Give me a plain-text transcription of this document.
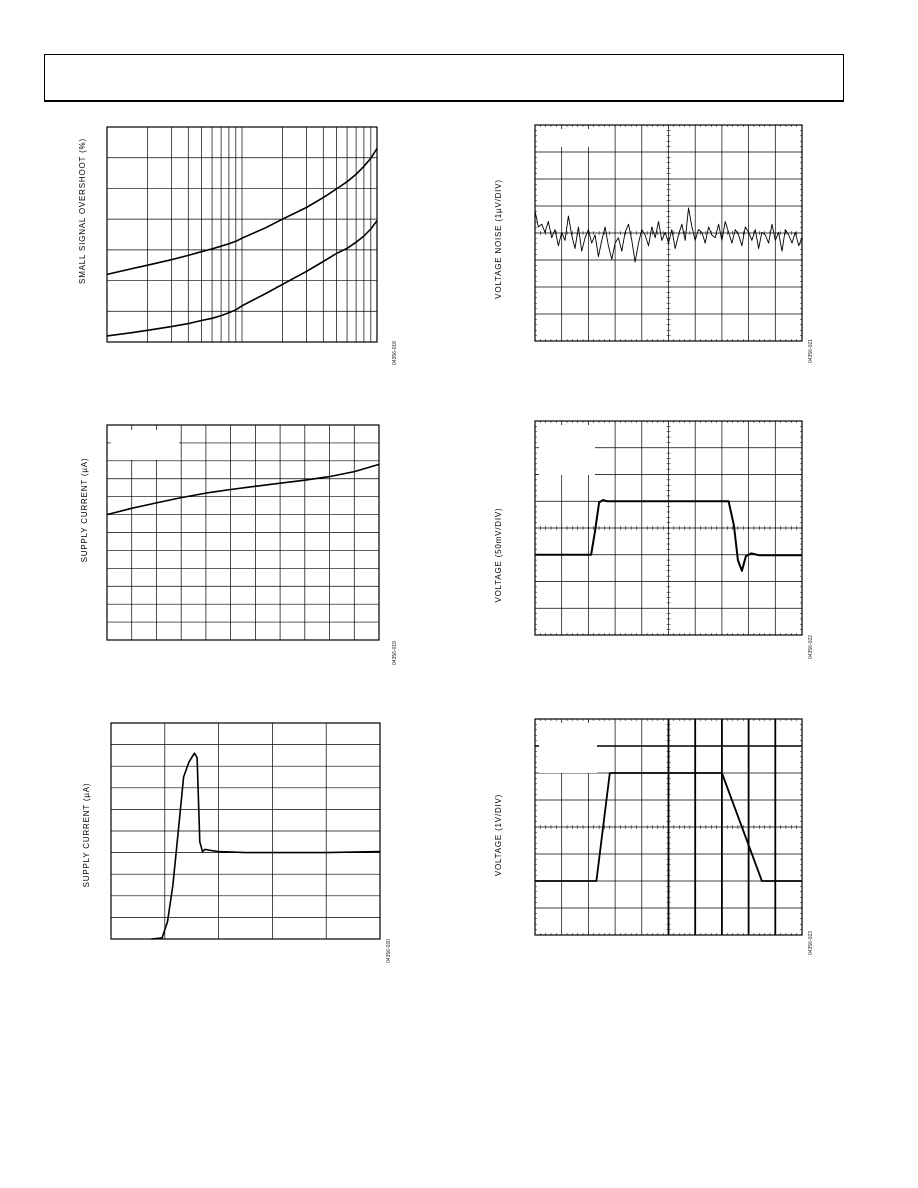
SMALL SIGNAL OVERSHOOT (%)
04356-018
SUPPLY CURRENT (µA)
04356-019
SUPPLY CURRENT (µA)
04356-020
VOLTAGE NOISE (1µV/DIV)
04356-021
VOLTAGE (50mV/DIV)
04356-022
VOLTAGE (1V/DIV)
04356-023
